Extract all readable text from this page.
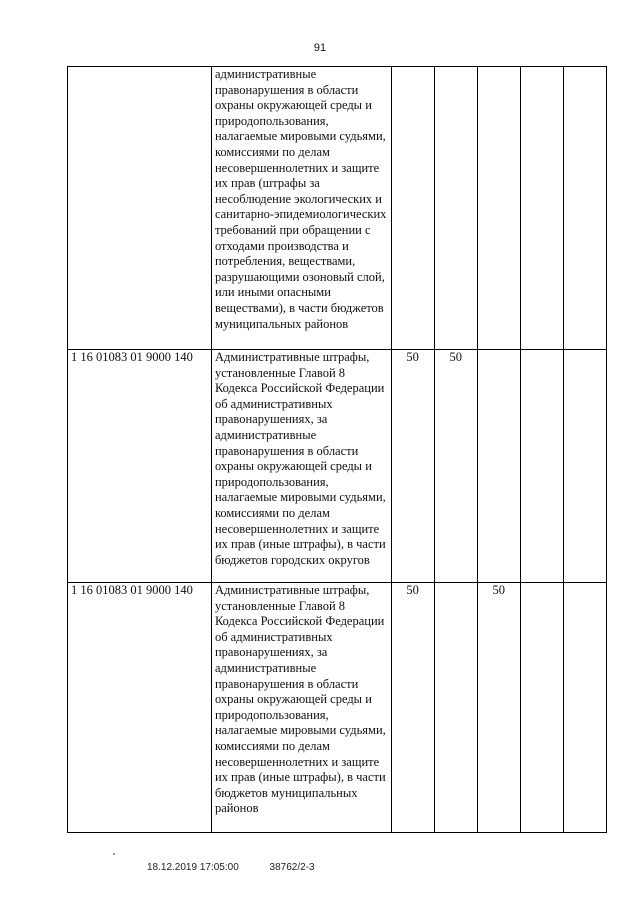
91
	административные правонарушения в области охраны окружающей среды и природопользования, налагаемые мировыми судьями, комиссиями по делам несовершеннолетних и защите их прав (штрафы за несоблюдение экологических и санитарно-эпидемиологических требований при обращении с отходами производства и потребления, веществами, разрушающими озоновый слой, или иными опасными веществами), в части бюджетов муниципальных районов					
1 16 01083 01 9000 140	Административные штрафы, установленные Главой 8 Кодекса Российской Федерации об административных правонарушениях, за административные правонарушения в области охраны окружающей среды и природопользования, налагаемые мировыми судьями, комиссиями по делам несовершеннолетних и защите их прав (иные штрафы), в части бюджетов городских округов	50	50			
1 16 01083 01 9000 140	Административные штрафы, установленные Главой 8 Кодекса Российской Федерации об административных правонарушениях, за административные правонарушения в области охраны окружающей среды и природопользования, налагаемые мировыми судьями, комиссиями по делам несовершеннолетних и защите их прав (иные штрафы), в части бюджетов муниципальных районов	50		50		
18.12.2019 17:05:00	38762/2-3
